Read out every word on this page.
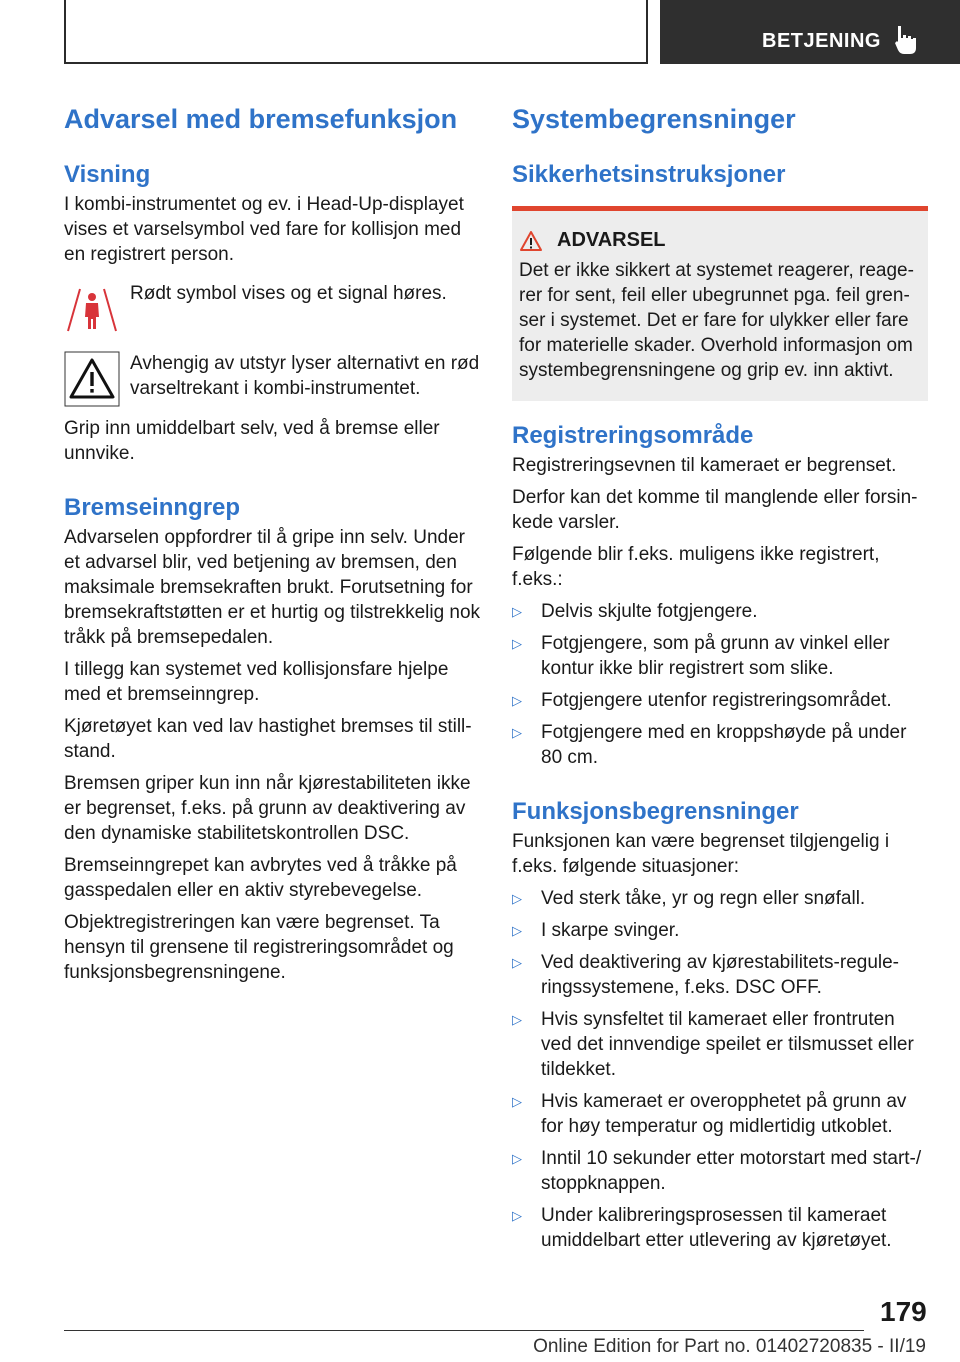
BETJENING
Advarsel med bremsefunksjon
Visning

I kombi-instrumentet og ev. i Head-Up-displayet vises et varselsymbol ved fare for kollisjon med en registrert person.

Rødt symbol vises og et signal høres.

Avhengig av utstyr lyser alternativt en rød varseltrekant i kombi-instrumentet.

Grip inn umiddelbart selv, ved å bremse eller unnvike.

Bremseinngrep

Advarselen oppfordrer til å gripe inn selv. Under et advarsel blir, ved betjening av bremsen, den maksimale bremsekraften brukt. Forutsetning for bremsekraftstøtten er et hurtig og tilstrekkelig nok tråkk på bremsepedalen.

I tillegg kan systemet ved kollisjonsfare hjelpe med et bremseinngrep.

Kjøretøyet kan ved lav hastighet bremses til still- stand.

Bremsen griper kun inn når kjørestabiliteten ikke er begrenset, f.eks. på grunn av deaktivering av den dynamiske stabilitetskontrollen DSC.

Bremseinngrepet kan avbrytes ved å tråkke på gasspedalen eller en aktiv styrebevegelse.

Objektregistreringen kan være begrenset. Ta hensyn til grensene til registreringsområdet og funksjonsbegrensningene.

Systembegrensninger
Sikkerhetsinstruksjoner
ADVARSEL

Det er ikke sikkert at systemet reagerer, reage- rer for sent, feil eller ubegrunnet pga. feil gren- ser i systemet. Det er fare for ulykker eller fare for materielle skader. Overhold informasjon om systembegrensningene og grip ev. inn aktivt.

Registreringsområde

Registreringsevnen til kameraet er begrenset.

Derfor kan det komme til manglende eller forsin- kede varsler.

Følgende blir f.eks. muligens ikke registrert, f.eks.:

▷	Delvis skjulte fotgjengere.
▷	Fotgjengere, som på grunn av vinkel eller kontur ikke blir registrert som slike.
▷	Fotgjengere utenfor registreringsområdet.
▷	Fotgjengere med en kroppshøyde på under 80 cm.
Funksjonsbegrensninger

Funksjonen kan være begrenset tilgjengelig i f.eks. følgende situasjoner:

▷	Ved sterk tåke, yr og regn eller snøfall.
▷	I skarpe svinger.
▷	Ved deaktivering av kjørestabilitets-regule- ringssystemene, f.eks. DSC OFF.
▷	Hvis synsfeltet til kameraet eller frontruten ved det innvendige speilet er tilsmusset eller tildekket.
▷	Hvis kameraet er overopphetet på grunn av for høy temperatur og midlertidig utkoblet.
▷	Inntil 10 sekunder etter motorstart med start-/ stoppknappen.
▷	Under kalibreringsprosessen til kameraet umiddelbart etter utlevering av kjøretøyet.
179
Online Edition for Part no. 01402720835 - II/19
